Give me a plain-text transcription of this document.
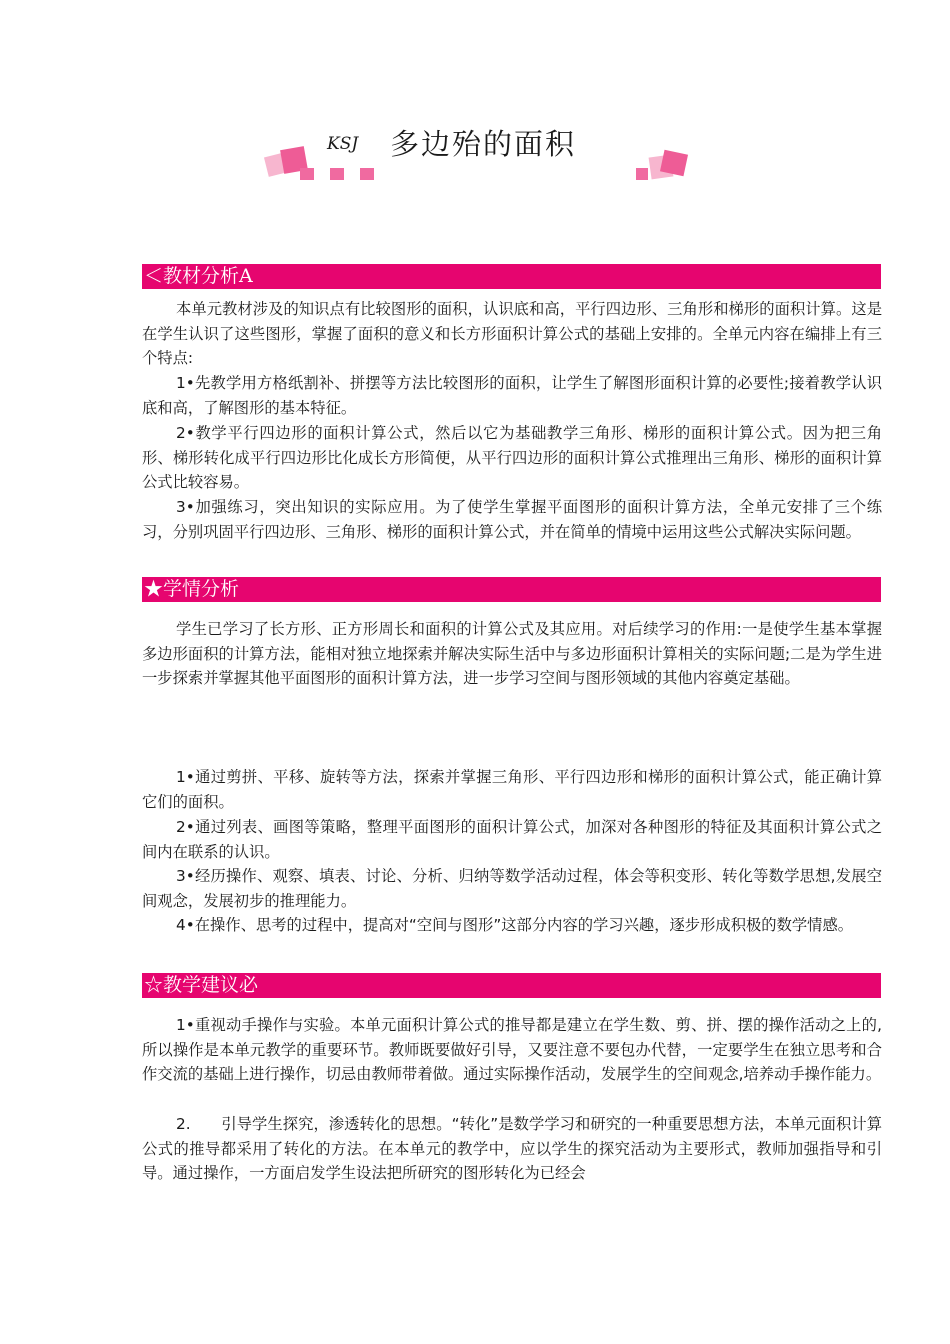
KSJ 多边殆的面积
＜教材分析A

本单元教材涉及的知识点有比较图形的面积，认识底和高，平行四边形、三角形和梯形的面积计算。这是在学生认识了这些图形，掌握了面积的意义和长方形面积计算公式的基础上安排的。全单元内容在编排上有三个特点:

1•先教学用方格纸割补、拼摆等方法比较图形的面积，让学生了解图形面积计算的必要性;接着教学认识底和高，了解图形的基本特征。

2•教学平行四边形的面积计算公式，然后以它为基础教学三角形、梯形的面积计算公式。因为把三角形、梯形转化成平行四边形比化成长方形简便，从平行四边形的面积计算公式推理出三角形、梯形的面积计算公式比较容易。

3•加强练习，突出知识的实际应用。为了使学生掌握平面图形的面积计算方法，全单元安排了三个练习，分别巩固平行四边形、三角形、梯形的面积计算公式，并在简单的情境中运用这些公式解决实际问题。

★学情分析

学生已学习了长方形、正方形周长和面积的计算公式及其应用。对后续学习的作用:一是使学生基本掌握多边形面积的计算方法，能相对独立地探索并解决实际生活中与多边形面积计算相关的实际问题;二是为学生进一步探索并掌握其他平面图形的面积计算方法，进一步学习空间与图形领域的其他内容奠定基础。

1•通过剪拼、平移、旋转等方法，探索并掌握三角形、平行四边形和梯形的面积计算公式，能正确计算它们的面积。

2•通过列表、画图等策略，整理平面图形的面积计算公式，加深对各种图形的特征及其面积计算公式之间内在联系的认识。

3•经历操作、观察、填表、讨论、分析、归纳等数学活动过程，体会等积变形、转化等数学思想,发展空间观念，发展初步的推理能力。

4•在操作、思考的过程中，提高对“空间与图形”这部分内容的学习兴趣，逐步形成积极的数学情感。

☆教学建议必

1•重视动手操作与实验。本单元面积计算公式的推导都是建立在学生数、剪、拼、摆的操作活动之上的,所以操作是本单元教学的重要环节。教师既要做好引导，又要注意不要包办代替，一定要学生在独立思考和合作交流的基础上进行操作，切忌由教师带着做。通过实际操作活动，发展学生的空间观念,培养动手操作能力。

2.　　引导学生探究，渗透转化的思想。“转化”是数学学习和研究的一种重要思想方法，本单元面积计算公式的推导都采用了转化的方法。在本单元的教学中，应以学生的探究活动为主要形式，教师加强指导和引导。通过操作，一方面启发学生设法把所研究的图形转化为已经会
